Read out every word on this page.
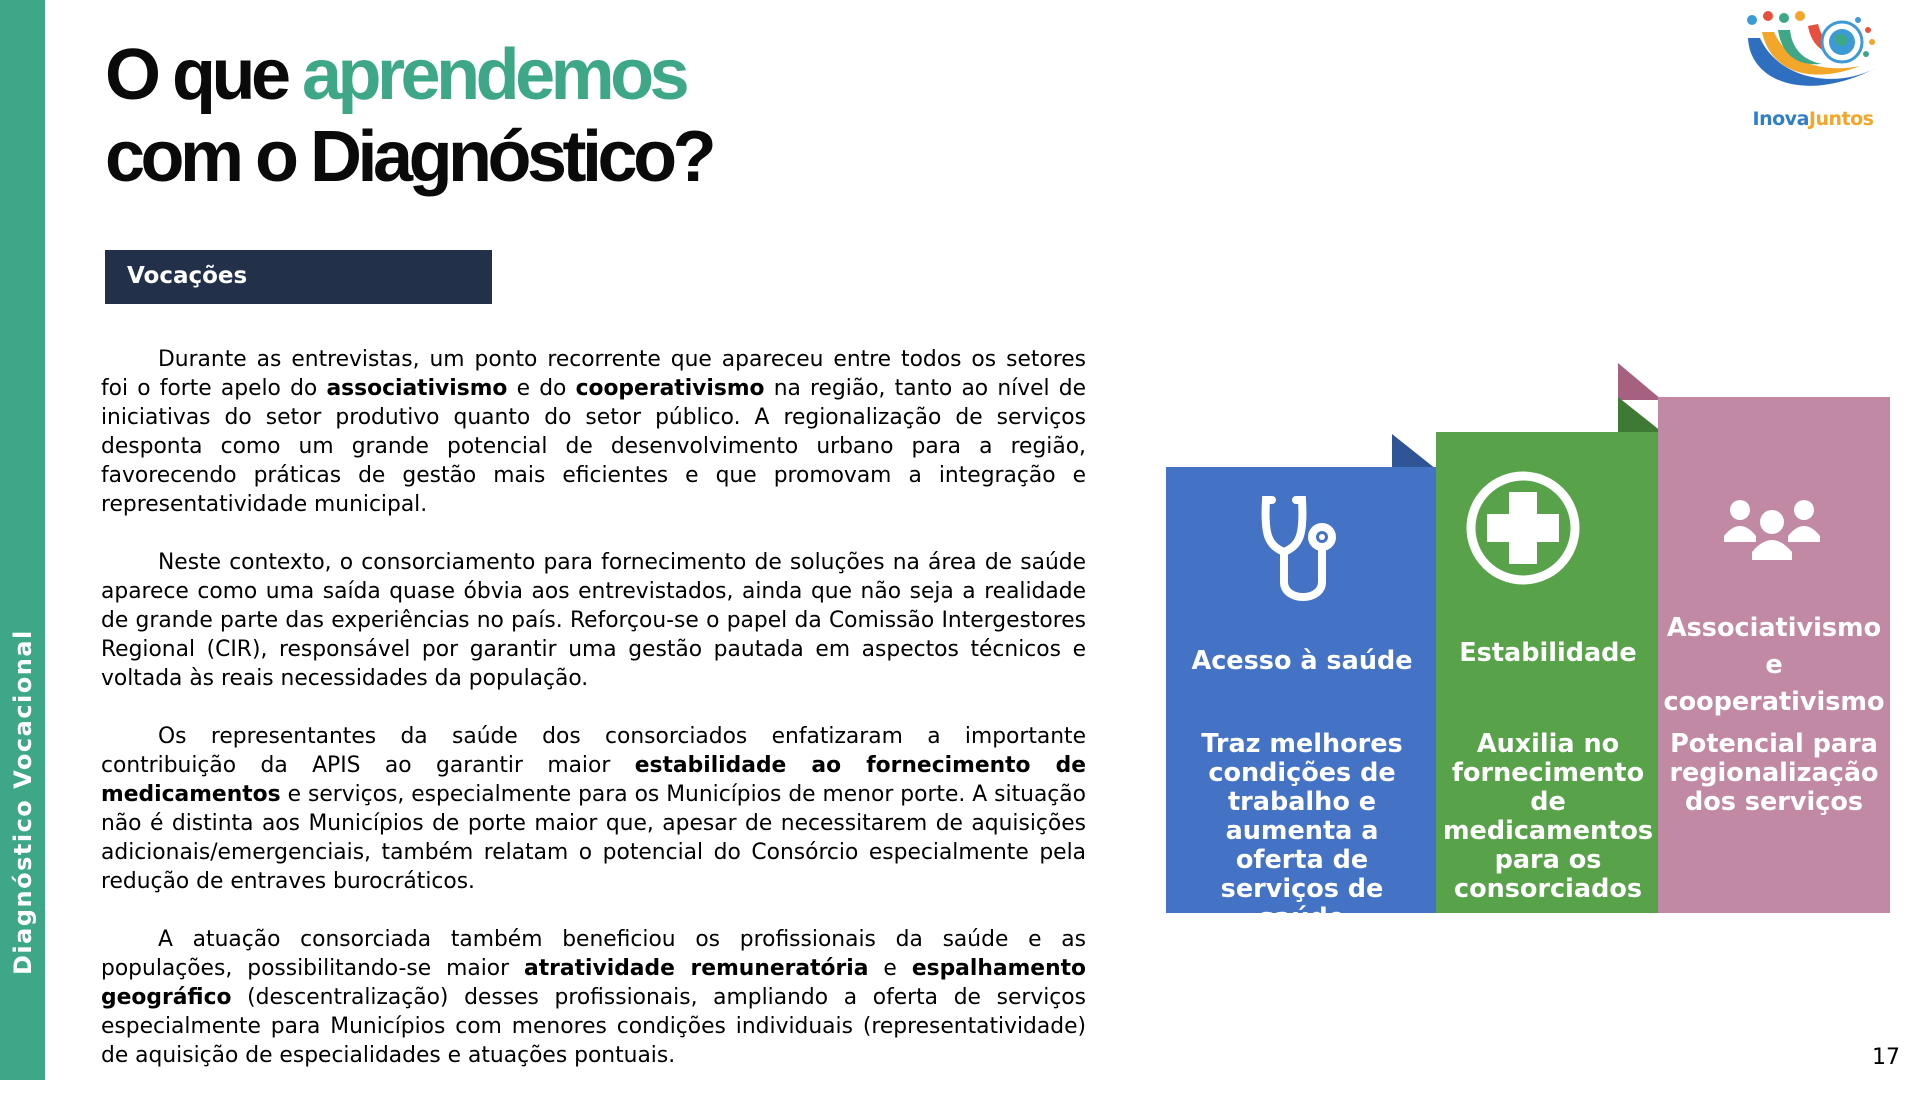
Diagnóstico Vocacional
O que aprendemos
com o Diagnóstico?	InovaJuntos
Vocações

Durante as entrevistas, um ponto recorrente que apareceu entre todos os setores foi o forte apelo do associativismo e do cooperativismo na região, tanto ao nível de iniciativas do setor produtivo quanto do setor público. A regionalização de serviços desponta como um grande potencial de desenvolvimento urbano para a região, favorecendo práticas de gestão mais eficientes e que promovam a integração e representatividade municipal.

Neste contexto, o consorciamento para fornecimento de soluções na área de saúde aparece como uma saída quase óbvia aos entrevistados, ainda que não seja a realidade de grande parte das experiências no país. Reforçou-se o papel da Comissão Intergestores Regional (CIR), responsável por garantir uma gestão pautada em aspectos técnicos e voltada às reais necessidades da população.

Os representantes da saúde dos consorciados enfatizaram a importante contribuição da APIS ao garantir maior estabilidade ao fornecimento de medicamentos e serviços, especialmente para os Municípios de menor porte. A situação não é distinta aos Municípios de porte maior que, apesar de necessitarem de aquisições adicionais/emergenciais, também relatam o potencial do Consórcio especialmente pela redução de entraves burocráticos.

A atuação consorciada também beneficiou os profissionais da saúde e as populações, possibilitando-se maior atratividade remuneratória e espalhamento geográfico (descentralização) desses profissionais, ampliando a oferta de serviços especialmente para Municípios com menores condições individuais (representatividade) de aquisição de especialidades e atuações pontuais.

Acesso à saúde
Traz melhores condições de trabalho e aumenta a oferta de serviços de saúde
Estabilidade
Auxilia no fornecimento de medicamentos para os consorciados
Associativismo e cooperativismo
Potencial para regionalização dos serviços
17
